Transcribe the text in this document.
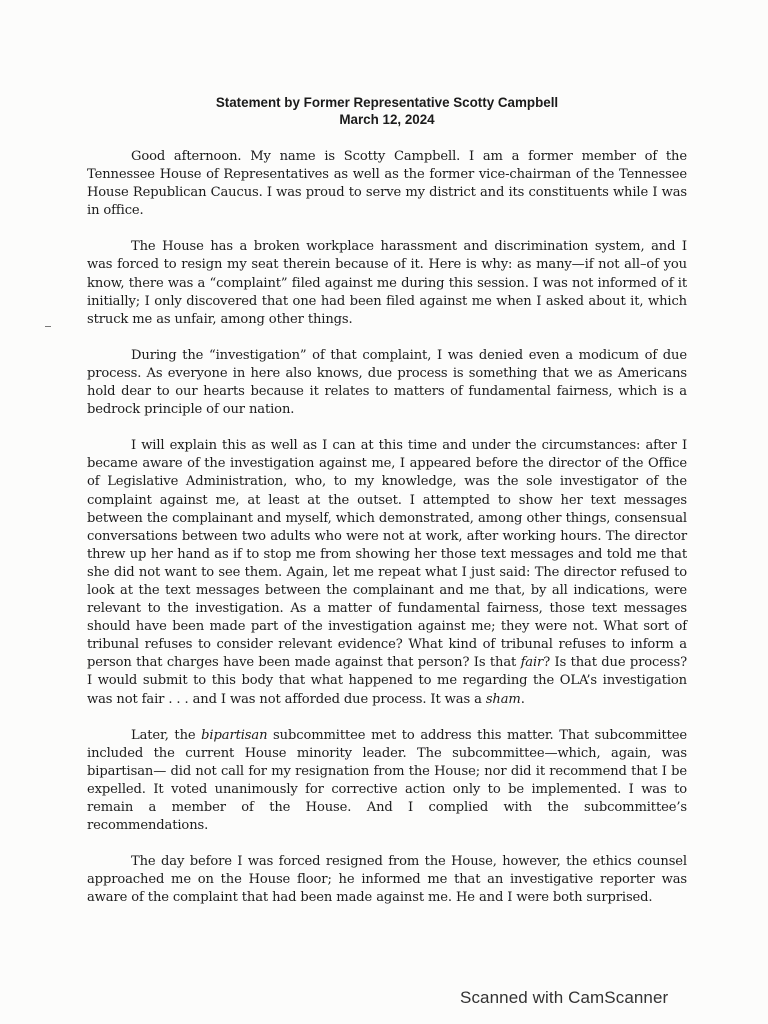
Statement by Former Representative Scotty Campbell

March 12, 2024

Good afternoon. My name is Scotty Campbell. I am a former member of the Tennessee House of Representatives as well as the former vice-chairman of the Tennessee House Republican Caucus. I was proud to serve my district and its constituents while I was in office.

The House has a broken workplace harassment and discrimination system, and I was forced to resign my seat therein because of it. Here is why: as many—if not all–of you know, there was a “complaint” filed against me during this session. I was not informed of it initially; I only discovered that one had been filed against me when I asked about it, which struck me as unfair, among other things.

During the “investigation” of that complaint, I was denied even a modicum of due process. As everyone in here also knows, due process is something that we as Americans hold dear to our hearts because it relates to matters of fundamental fairness, which is a bedrock principle of our nation.

I will explain this as well as I can at this time and under the circumstances: after I became aware of the investigation against me, I appeared before the director of the Office of Legislative Administration, who, to my knowledge, was the sole investigator of the complaint against me, at least at the outset. I attempted to show her text messages between the complainant and myself, which demonstrated, among other things, consensual conversations between two adults who were not at work, after working hours. The director threw up her hand as if to stop me from showing her those text messages and told me that she did not want to see them. Again, let me repeat what I just said: The director refused to look at the text messages between the complainant and me that, by all indications, were relevant to the investigation. As a matter of fundamental fairness, those text messages should have been made part of the investigation against me; they were not. What sort of tribunal refuses to consider relevant evidence? What kind of tribunal refuses to inform a person that charges have been made against that person? Is that fair? Is that due process? I would submit to this body that what happened to me regarding the OLA’s investigation was not fair . . . and I was not afforded due process. It was a sham.

Later, the bipartisan subcommittee met to address this matter. That subcommittee included the current House minority leader. The subcommittee—which, again, was bipartisan— did not call for my resignation from the House; nor did it recommend that I be expelled. It voted unanimously for corrective action only to be implemented. I was to remain a member of the House. And I complied with the subcommittee’s recommendations.

The day before I was forced resigned from the House, however, the ethics counsel approached me on the House floor; he informed me that an investigative reporter was aware of the complaint that had been made against me. He and I were both surprised.

Scanned with CamScanner
